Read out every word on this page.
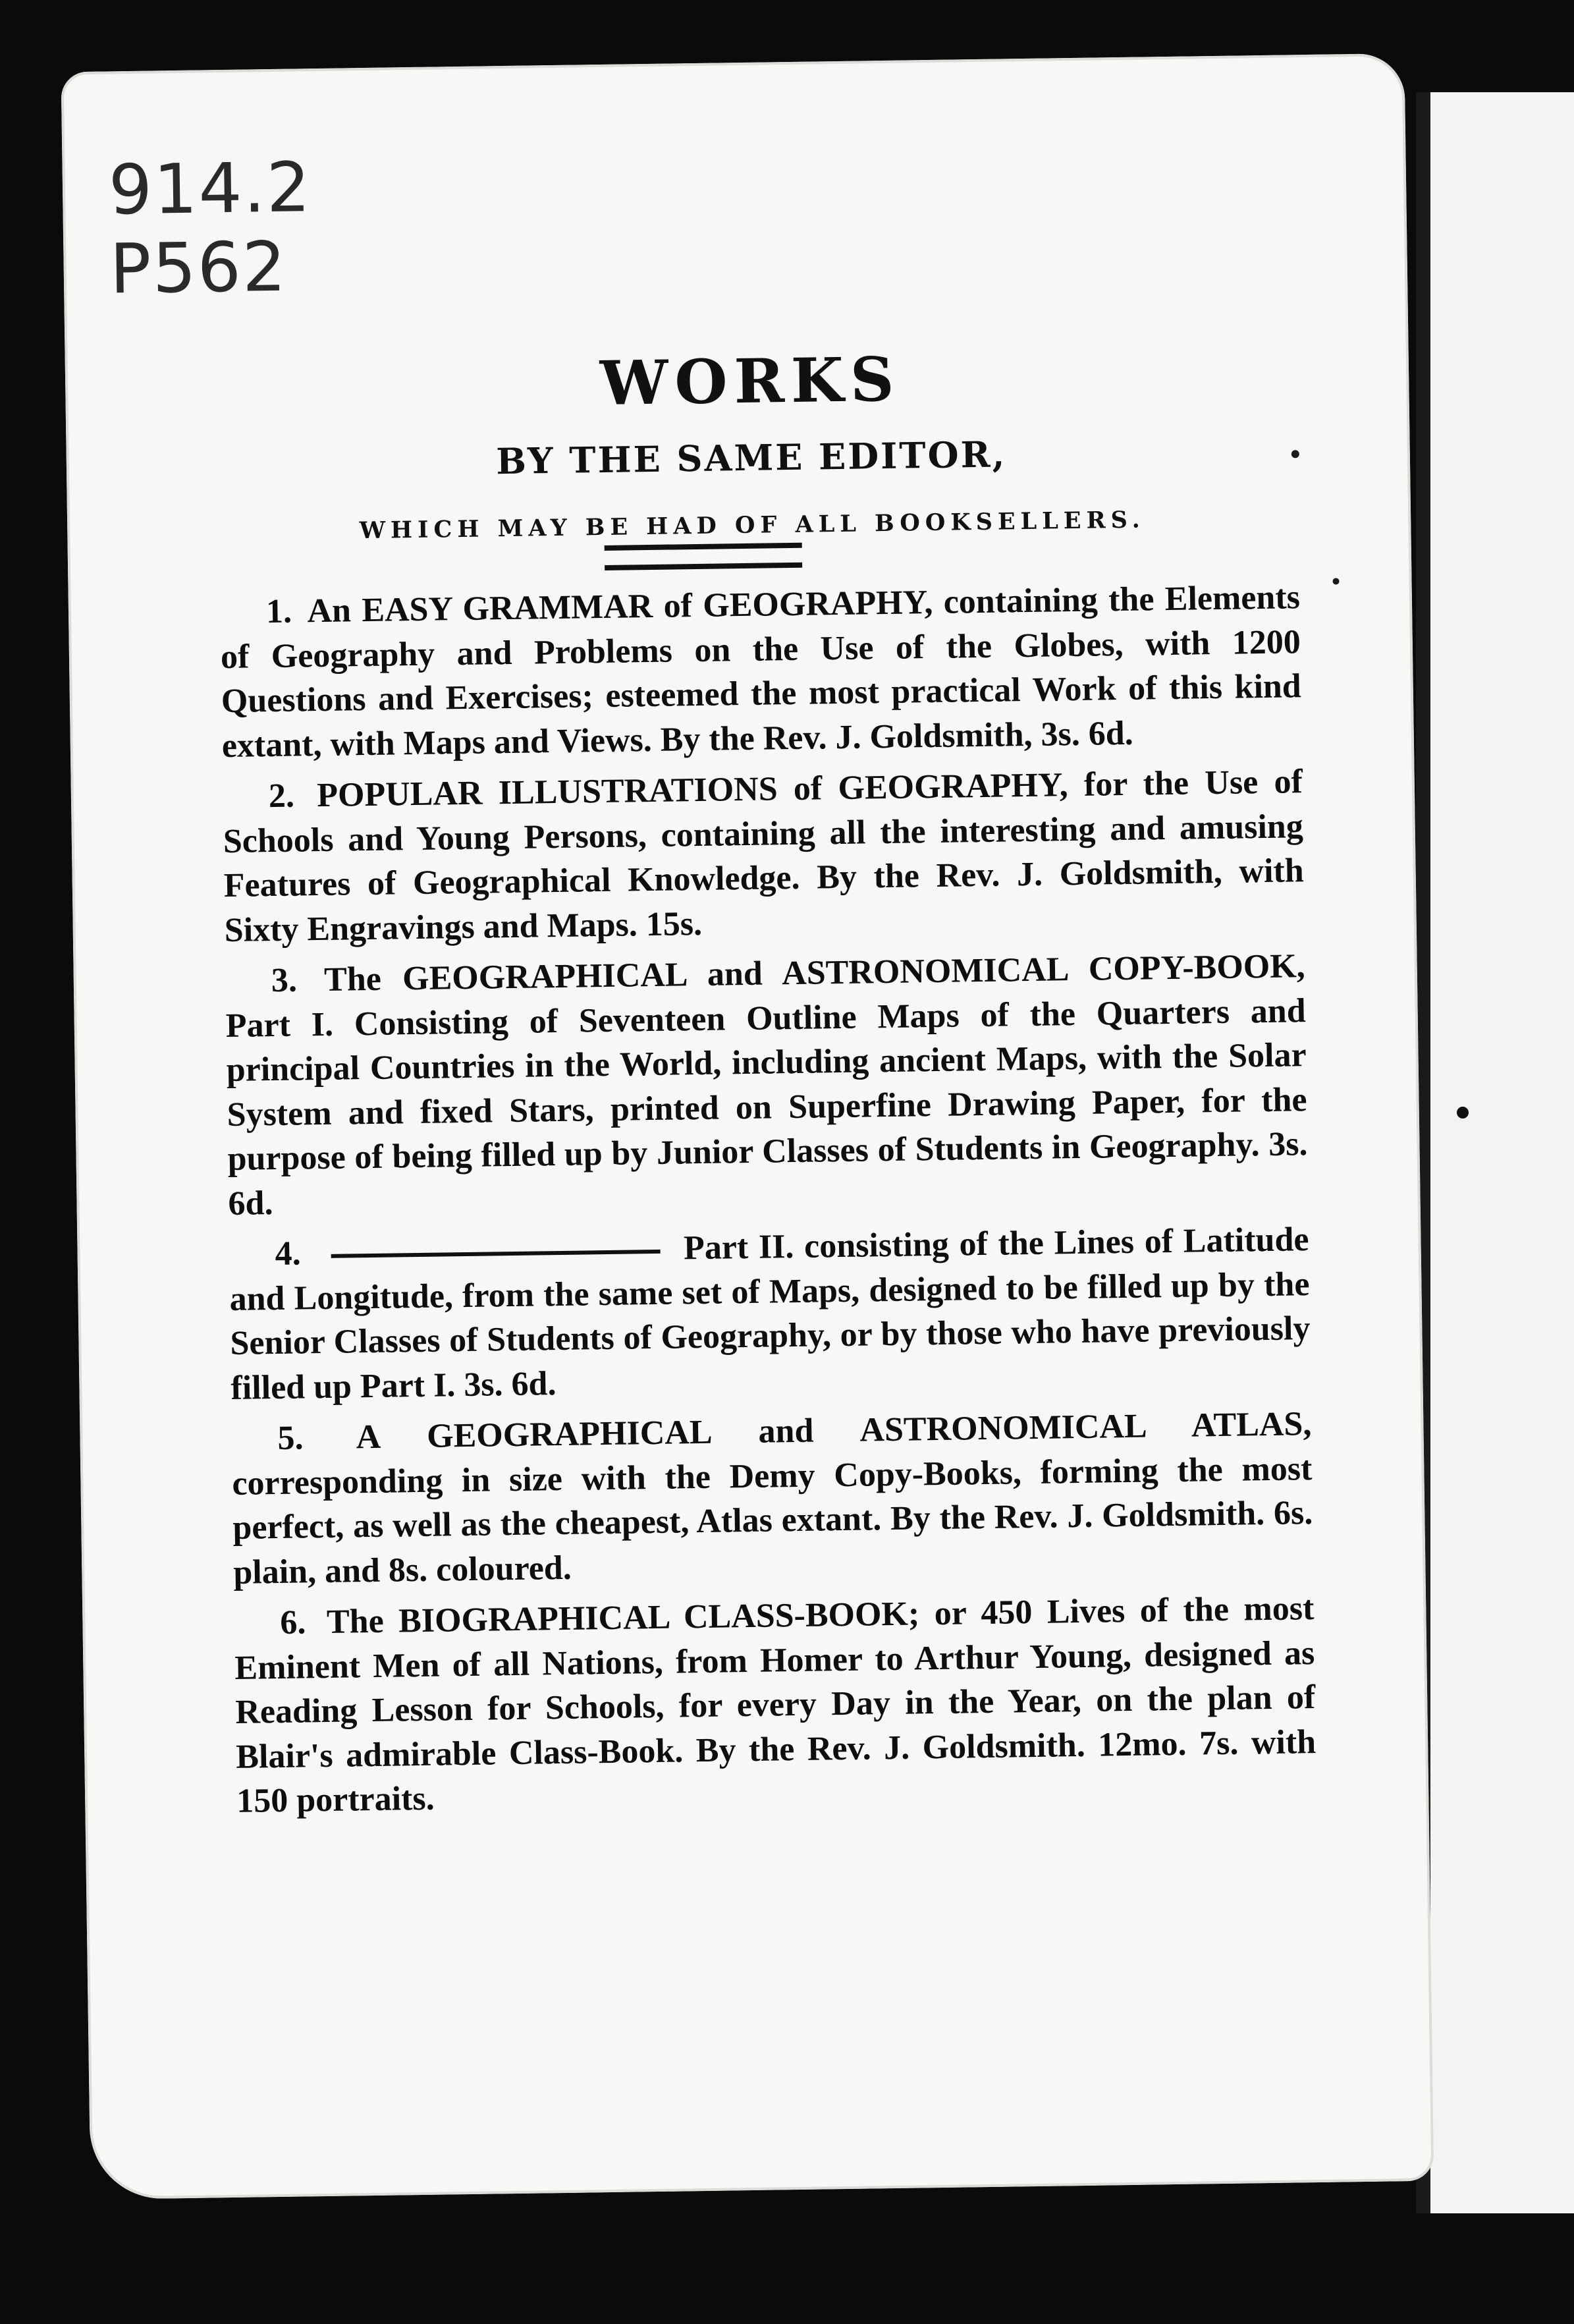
914.2
P562
WORKS
BY THE SAME EDITOR,
WHICH MAY BE HAD OF ALL BOOKSELLERS.

1. An EASY GRAMMAR of GEOGRAPHY, containing the Elements of Geography and Problems on the Use of the Globes, with 1200 Questions and Exercises; esteemed the most practical Work of this kind extant, with Maps and Views. By the Rev. J. Goldsmith, 3s. 6d.

2. POPULAR ILLUSTRATIONS of GEOGRAPHY, for the Use of Schools and Young Persons, containing all the interesting and amusing Features of Geographical Knowledge. By the Rev. J. Goldsmith, with Sixty Engravings and Maps. 15s.

3. The GEOGRAPHICAL and ASTRONOMICAL COPY-BOOK, Part I. Consisting of Seventeen Outline Maps of the Quarters and principal Countries in the World, including ancient Maps, with the Solar System and fixed Stars, printed on Superfine Drawing Paper, for the purpose of being filled up by Junior Classes of Students in Geography. 3s. 6d.

4.	Part II. consisting of the Lines of Latitude and Longitude, from the same set of Maps, designed to be filled up by the Senior Classes of Students of Geography, or by those who have previously filled up Part I. 3s. 6d.

5. A GEOGRAPHICAL and ASTRONOMICAL ATLAS, corresponding in size with the Demy Copy-Books, forming the most perfect, as well as the cheapest, Atlas extant. By the Rev. J. Goldsmith. 6s. plain, and 8s. coloured.

6. The BIOGRAPHICAL CLASS-BOOK; or 450 Lives of the most Eminent Men of all Nations, from Homer to Arthur Young, designed as Reading Lesson for Schools, for every Day in the Year, on the plan of Blair's admirable Class-Book. By the Rev. J. Goldsmith. 12mo. 7s. with 150 portraits.
